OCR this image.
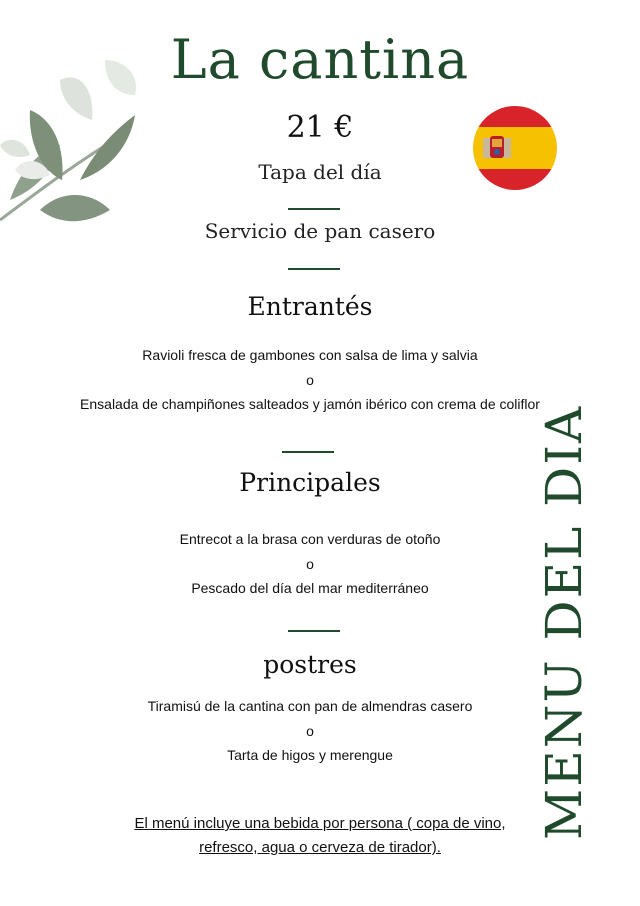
La cantina
21 €
Tapa del día
Servicio de pan casero
Entrantés
Ravioli fresca de gambones con salsa de lima y salvia
o
Ensalada de champiñones salteados y jamón ibérico con crema de coliflor
Principales
Entrecot a la brasa con verduras de otoño
o
Pescado del día del mar mediterráneo
postres
Tiramisú de la cantina con pan de almendras casero
o
Tarta de higos y merengue
El menú incluye una bebida por persona ( copa de vino, refresco, agua o cerveza de tirador).
MENU DEL DIA
